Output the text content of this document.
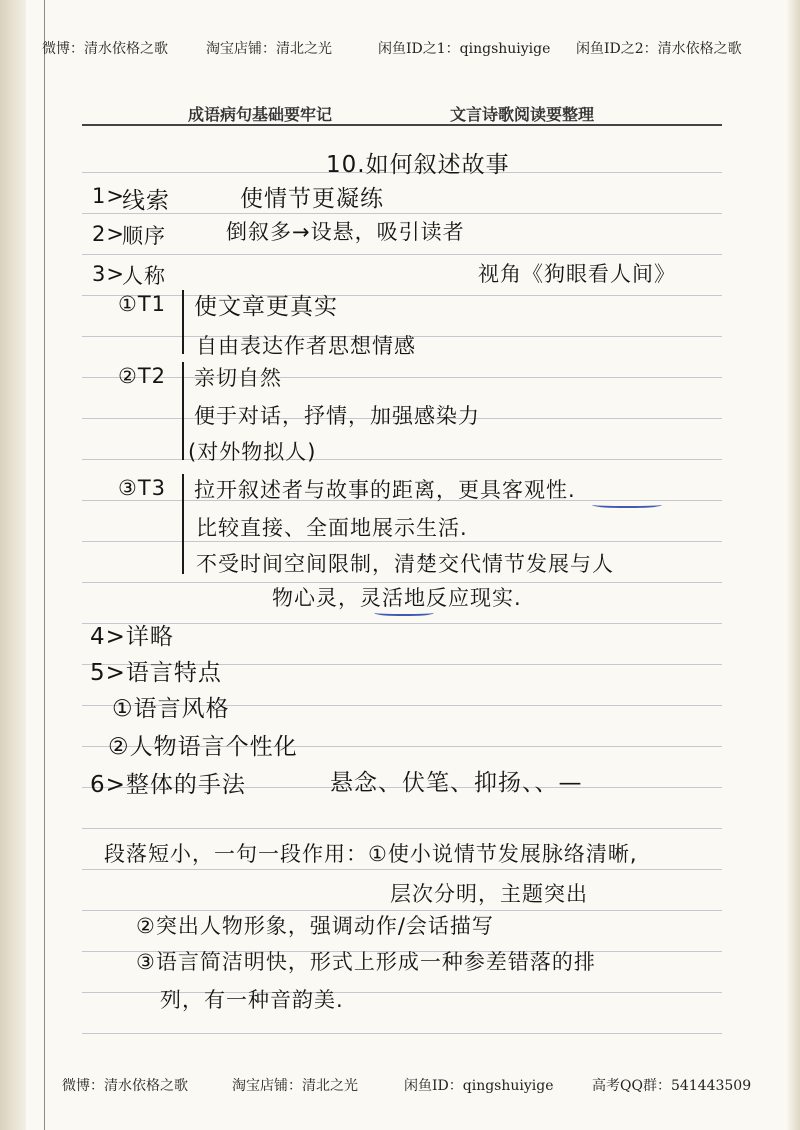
微博：清水依格之歌	淘宝店铺：清北之光	闲鱼ID之1：qingshuiyige 闲鱼ID之2：清水依格之歌
成语病句基础要牢记	文言诗歌阅读要整理
10.如何叙述故事
1>
线索	使情节更凝练
2>
顺序	倒叙多→设悬，吸引读者
3>
人称	视角《狗眼看人间》
①T1 使文章更真实
自由表达作者思想情感
②T2 亲切自然
便于对话，抒情，加强感染力
(对外物拟人)
③T3 拉开叙述者与故事的距离，更具客观性.
比较直接、全面地展示生活.
不受时间空间限制，清楚交代情节发展与人
物心灵，灵活地反应现实.
4>详略
5>语言特点
①语言风格
②人物语言个性化
6>整体的手法	悬念、伏笔、抑扬、、—
段落短小，一句一段作用：①使小说情节发展脉络清晰,
层次分明，主题突出
②突出人物形象，强调动作/会话描写
③语言简洁明快，形式上形成一种参差错落的排
列，有一种音韵美.
微博：清水依格之歌	淘宝店铺：清北之光	闲鱼ID：qingshuiyige	高考QQ群：541443509
